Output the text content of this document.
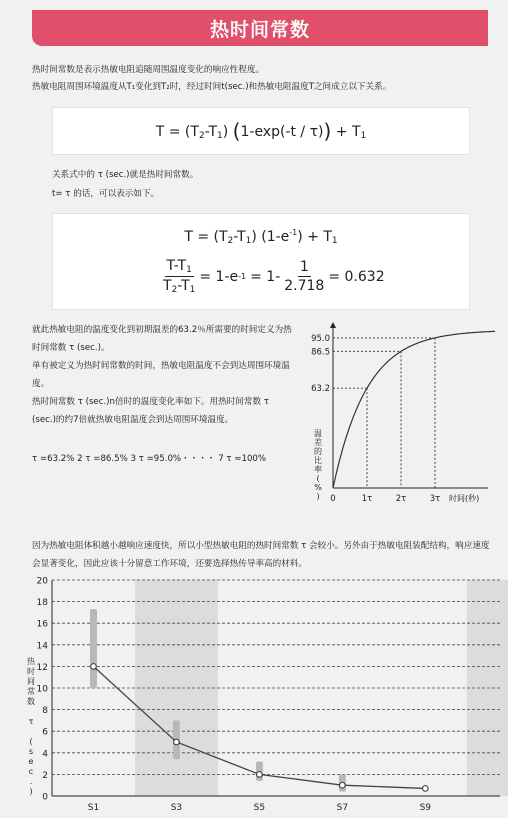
热时间常数
热时间常数是表示热敏电阻追随周围温度变化的响应性程度。
热敏电阻周围环境温度从T₁变化到T₂时，经过时间t(sec.)和热敏电阻温度T之间成立以下关系。
$T = (T_2-T_1)$ $(1-\exp(-t / \tau)) + T_1$
关系式中的 τ (sec.)就是热时间常数。
t= τ 的话，可以表示如下。
$T = (T_2-T_1) (1-e^{-1}) + T_1$
$\frac{T-T_1}{T_2-T_1} = 1-e$ $-1 = 1- \frac{1}{2.718} = 0.632$
就此热敏电阻的温度变化到初期温差的63.2％所需要的时间定义为热时间常数 τ (sec.)。
单有被定义为热时间常数的时间，热敏电阻温度不会到达周围环境温度。
热时间常数 τ (sec.)n倍时的温度变化率如下。用热时间常数 τ (sec.)的约7倍就热敏电阻温度会到达周围环境温度。
τ =63.2% 2 τ =86.5% 3 τ =95.0%・・・・ 7 τ ≈100%
63.2
86.5
95.0
0	1τ	2τ	3τ 时间(秒)
温
差
的
比
率
(
%
)
因为热敏电阻体积越小越响应速度快，所以小型热敏电阻的热时间常数 τ 会较小。另外由于热敏电阻装配结构，响应速度会显著变化，因此应该十分留意工作环境，还要选择热传导率高的材料。
0
2
4
6
8
10
12
14
16
18
20
S1	S3	S5	S7	S9
热
时
间
常
数
τ
(
s
e
c
.
)
